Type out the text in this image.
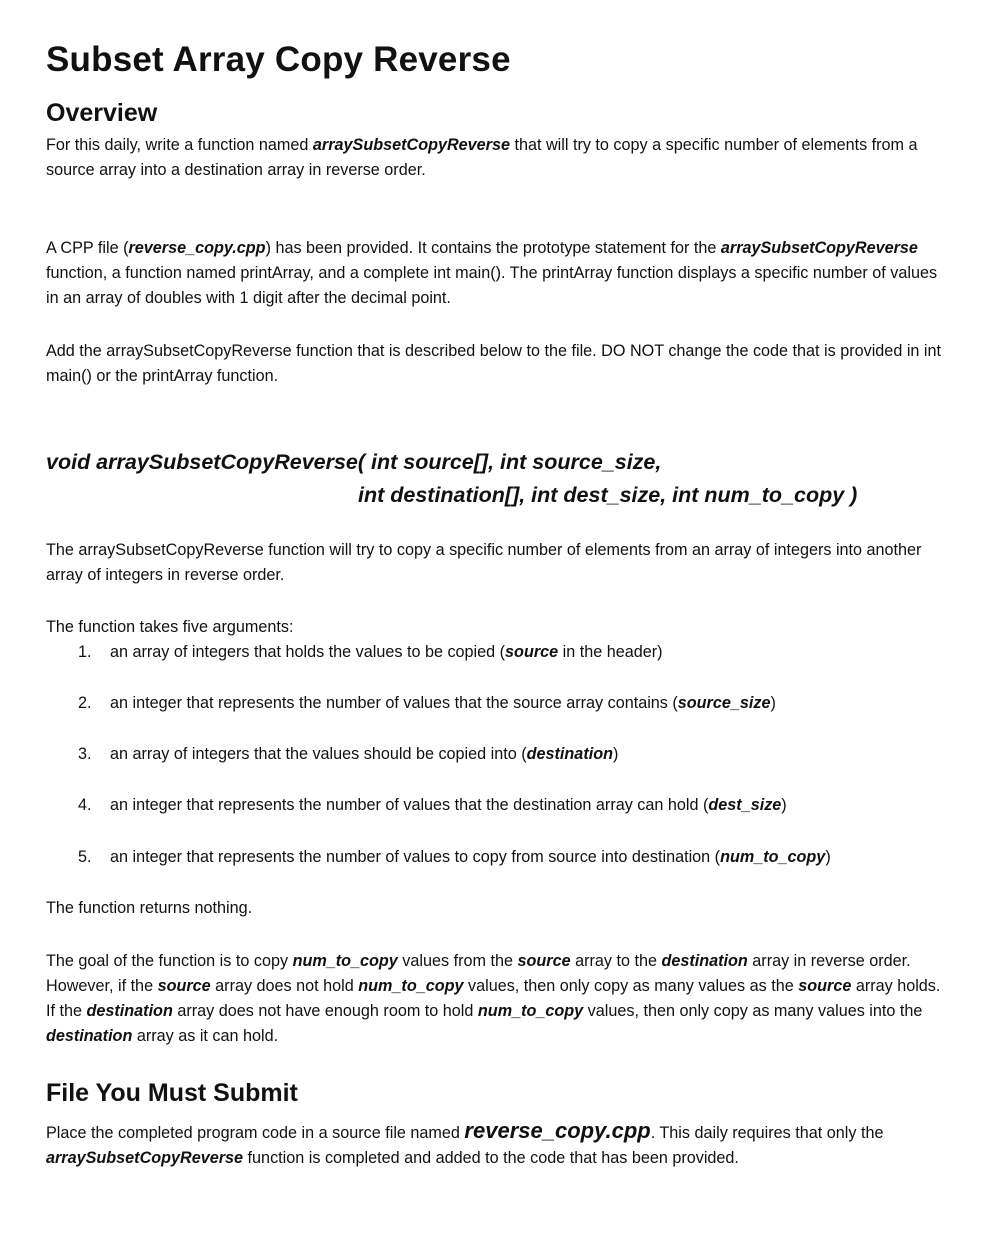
Subset Array Copy Reverse
Overview

For this daily, write a function named arraySubsetCopyReverse that will try to copy a specific number of elements from a source array into a destination array in reverse order.

A CPP file (reverse_copy.cpp) has been provided. It contains the prototype statement for the arraySubsetCopyReverse function, a function named printArray, and a complete int main(). The printArray function displays a specific number of values in an array of doubles with 1 digit after the decimal point.

Add the arraySubsetCopyReverse function that is described below to the file. DO NOT change the code that is provided in int main() or the printArray function.

void arraySubsetCopyReverse( int source[], int source_size,

int destination[], int dest_size, int num_to_copy )

The arraySubsetCopyReverse function will try to copy a specific number of elements from an array of integers into another array of integers in reverse order.

The function takes five arguments:

1. an array of integers that holds the values to be copied (source in the header)

2. an integer that represents the number of values that the source array contains (source_size)

3. an array of integers that the values should be copied into (destination)

4. an integer that represents the number of values that the destination array can hold (dest_size)

5. an integer that represents the number of values to copy from source into destination (num_to_copy)

The function returns nothing.

The goal of the function is to copy num_to_copy values from the source array to the destination array in reverse order. However, if the source array does not hold num_to_copy values, then only copy as many values as the source array holds. If the destination array does not have enough room to hold num_to_copy values, then only copy as many values into the destination array as it can hold.

File You Must Submit

Place the completed program code in a source file named reverse_copy.cpp. This daily requires that only the arraySubsetCopyReverse function is completed and added to the code that has been provided.
